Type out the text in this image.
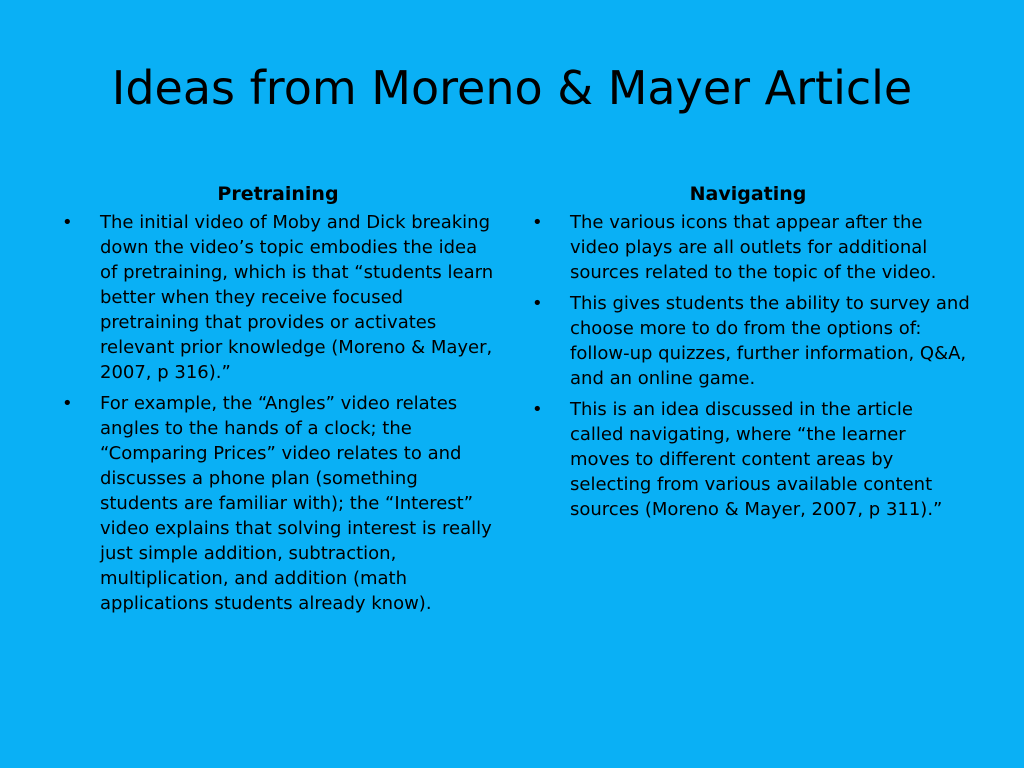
Ideas from Moreno & Mayer Article
Pretraining
• The initial video of Moby and Dick breaking down the video’s topic embodies the idea of pretraining, which is that “students learn better when they receive focused pretraining that provides or activates relevant prior knowledge (Moreno & Mayer, 2007, p 316).”
• For example, the “Angles” video relates angles to the hands of a clock; the “Comparing Prices” video relates to and discusses a phone plan (something students are familiar with); the “Interest” video explains that solving interest is really just simple addition, subtraction, multiplication, and addition (math applications students already know).
Navigating
• The various icons that appear after the video plays are all outlets for additional sources related to the topic of the video.
• This gives students the ability to survey and choose more to do from the options of: follow-up quizzes, further information, Q&A, and an online game.
• This is an idea discussed in the article called navigating, where “the learner moves to different content areas by selecting from various available content sources (Moreno & Mayer, 2007, p 311).”
